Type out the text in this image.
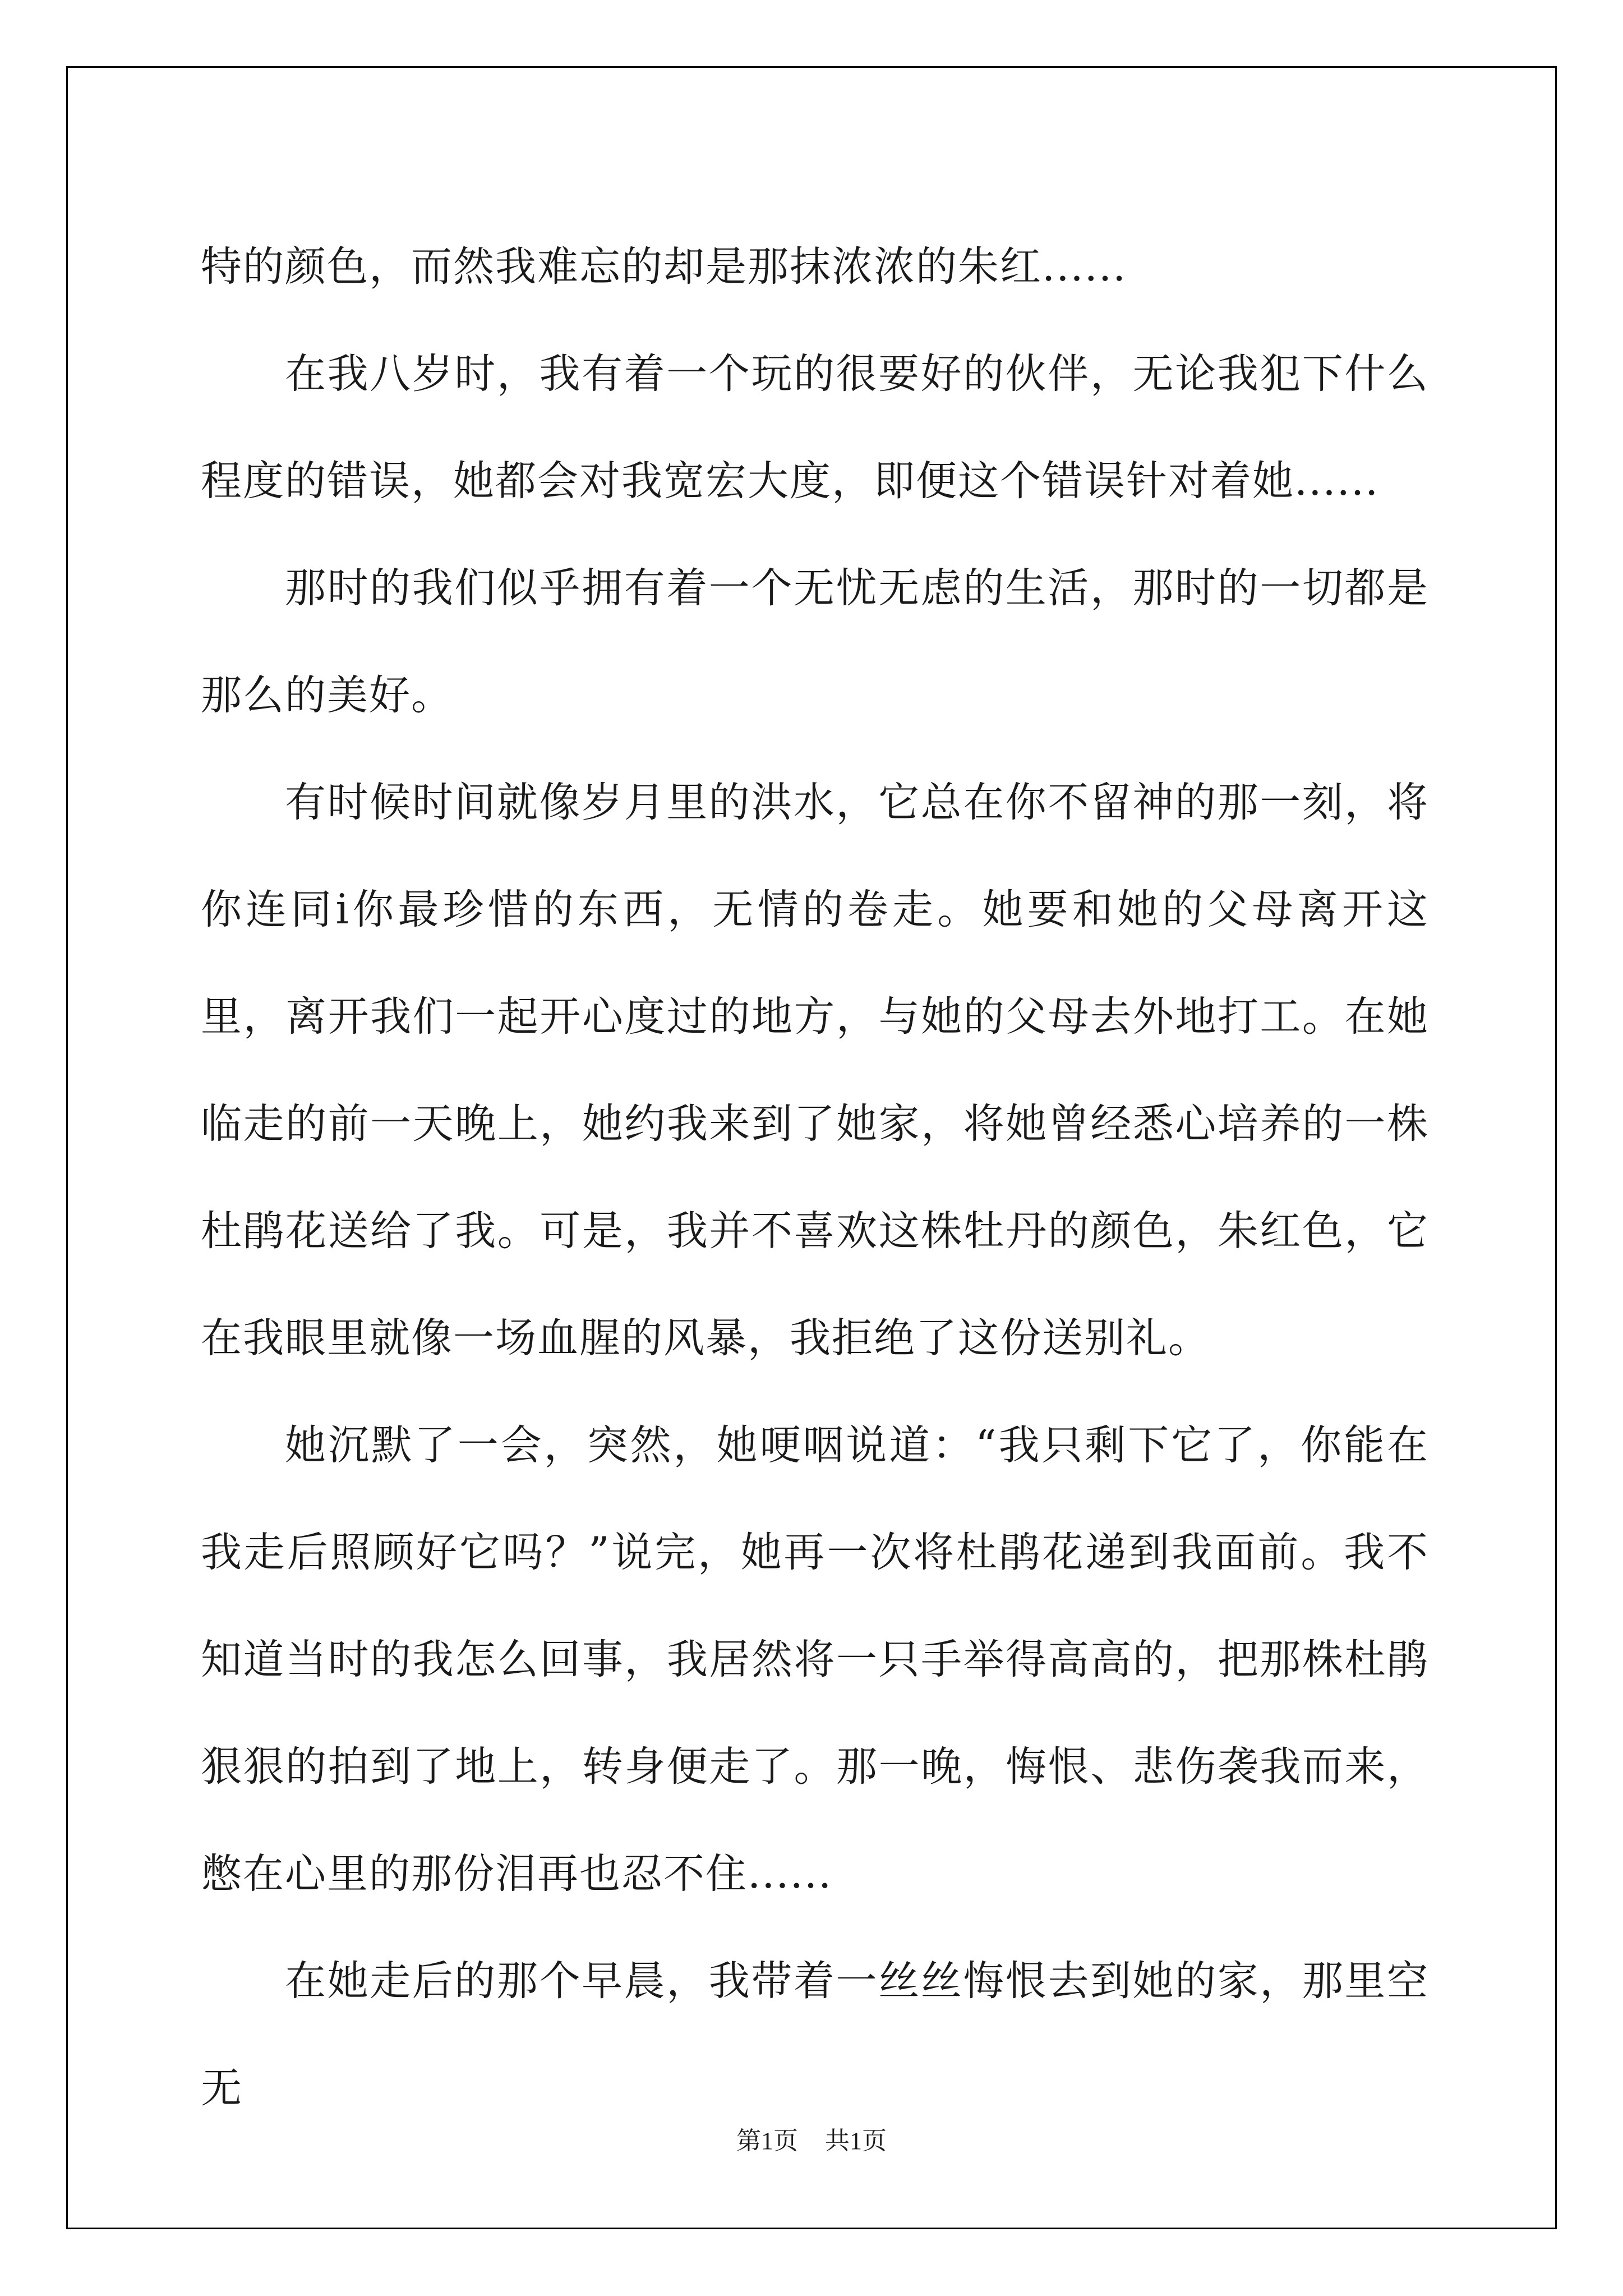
特的颜色，而然我难忘的却是那抹浓浓的朱红......

在我八岁时，我有着一个玩的很要好的伙伴，无论我犯下什么程度的错误，她都会对我宽宏大度，即便这个错误针对着她......

那时的我们似乎拥有着一个无忧无虑的生活，那时的一切都是那么的美好。

有时候时间就像岁月里的洪水，它总在你不留神的那一刻，将你连同i你最珍惜的东西，无情的卷走。她要和她的父母离开这里，离开我们一起开心度过的地方，与她的父母去外地打工。在她临走的前一天晚上，她约我来到了她家，将她曾经悉心培养的一株杜鹃花送给了我。可是，我并不喜欢这株牡丹的颜色，朱红色，它在我眼里就像一场血腥的风暴，我拒绝了这份送别礼。

她沉默了一会，突然，她哽咽说道：“我只剩下它了，你能在我走后照顾好它吗？”说完，她再一次将杜鹃花递到我面前。我不知道当时的我怎么回事，我居然将一只手举得高高的，把那株杜鹃狠狠的拍到了地上，转身便走了。那一晚，悔恨、悲伤袭我而来，憋在心里的那份泪再也忍不住......

在她走后的那个早晨，我带着一丝丝悔恨去到她的家，那里空无

第1页 共1页
